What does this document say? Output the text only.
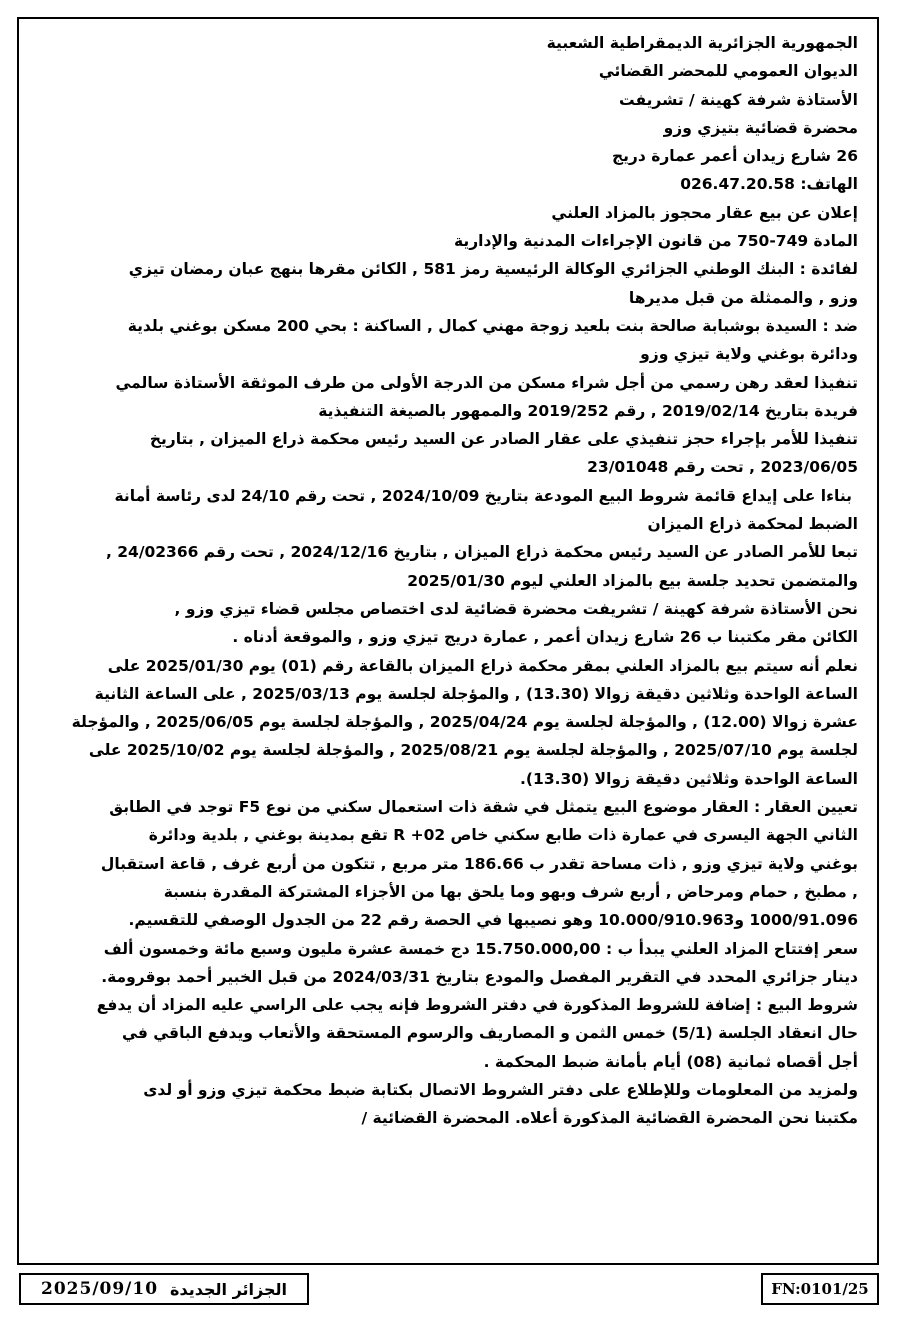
الجمهورية الجزائرية الديمقراطية الشعبية

الديوان العمومي للمحضر القضائي

الأستاذة شرفة كهينة / تشريفت

محضرة قضائية بتيزي وزو

26 شارع زيدان أعمر عمارة دريج

الهاتف: 026.47.20.58

إعلان عن بيع عقار محجوز بالمزاد العلني

المادة 749-750 من قانون الإجراءات المدنية والإدارية

لفائدة : البنك الوطني الجزائري الوكالة الرئيسية رمز 581 , الكائن مقرها بنهج عبان رمضان تيزي

وزو , والممثلة من قبل مديرها

ضد : السيدة بوشبابة صالحة بنت بلعيد زوجة مهني كمال , الساكنة : بحي 200 مسكن بوغني بلدية

ودائرة بوغني ولاية تيزي وزو

تنفيذا لعقد رهن رسمي من أجل شراء مسكن من الدرجة الأولى من طرف الموثقة الأستاذة سالمي

فريدة بتاريخ 2019/02/14 , رقم 2019/252 والممهور بالصيغة التنفيذية

تنفيذا للأمر بإجراء حجز تنفيذي على عقار الصادر عن السيد رئيس محكمة ذراع الميزان , بتاريخ

2023/06/05 , تحت رقم 23/01048

بناءا على إيداع قائمة شروط البيع المودعة بتاريخ 2024/10/09 , تحت رقم 24/10 لدى رئاسة أمانة

الضبط لمحكمة ذراع الميزان

تبعا للأمر الصادر عن السيد رئيس محكمة ذراع الميزان , بتاريخ 2024/12/16 , تحت رقم 24/02366 ,

والمتضمن تحديد جلسة بيع بالمزاد العلني ليوم 2025/01/30

نحن الأستاذة شرفة كهينة / تشريفت محضرة قضائية لدى اختصاص مجلس قضاء تيزي وزو ,

الكائن مقر مكتبنا ب 26 شارع زيدان أعمر , عمارة دريج تيزي وزو , والموقعة أدناه .

نعلم أنه سيتم بيع بالمزاد العلني بمقر محكمة ذراع الميزان بالقاعة رقم (01) يوم 2025/01/30 على

الساعة الواحدة وثلاثين دقيقة زوالا (13.30) , والمؤجلة لجلسة يوم 2025/03/13 , على الساعة الثانية

عشرة زوالا (12.00) , والمؤجلة لجلسة يوم 2025/04/24 , والمؤجلة لجلسة يوم 2025/06/05 , والمؤجلة

لجلسة يوم 2025/07/10 , والمؤجلة لجلسة يوم 2025/08/21 , والمؤجلة لجلسة يوم 2025/10/02 على

الساعة الواحدة وثلاثين دقيقة زوالا (13.30).

تعيين العقار : العقار موضوع البيع يتمثل في شقة ذات استعمال سكني من نوع F5 توجد في الطابق

الثاني الجهة اليسرى في عمارة ذات طابع سكني خاص 02+ R تقع بمدينة بوغني , بلدية ودائرة

بوغني ولاية تيزي وزو , ذات مساحة تقدر ب 186.66 متر مربع , تتكون من أربع غرف , قاعة استقبال

, مطبخ , حمام ومرحاض , أربع شرف وبهو وما يلحق بها من الأجزاء المشتركة المقدرة بنسبة

1000/91.096 و10.000/910.963 وهو نصيبها في الحصة رقم 22 من الجدول الوصفي للتقسيم.

سعر إفتتاح المزاد العلني يبدأ ب : 15.750.000,00 دج خمسة عشرة مليون وسبع مائة وخمسون ألف

دينار جزائري المحدد في التقرير المفصل والمودع بتاريخ 2024/03/31 من قبل الخبير أحمد بوقرومة.

شروط البيع : إضافة للشروط المذكورة في دفتر الشروط فإنه يجب على الراسي عليه المزاد أن يدفع

حال انعقاد الجلسة (5/1) خمس الثمن و المصاريف والرسوم المستحقة والأتعاب ويدفع الباقي في

أجل أقصاه ثمانية (08) أيام بأمانة ضبط المحكمة .

ولمزيد من المعلومات وللإطلاع على دفتر الشروط الاتصال بكتابة ضبط محكمة تيزي وزو أو لدى

مكتبنا نحن المحضرة القضائية المذكورة أعلاه. المحضرة القضائية /

2025/09/10 الجزائر الجديدة	FN:0101/25
